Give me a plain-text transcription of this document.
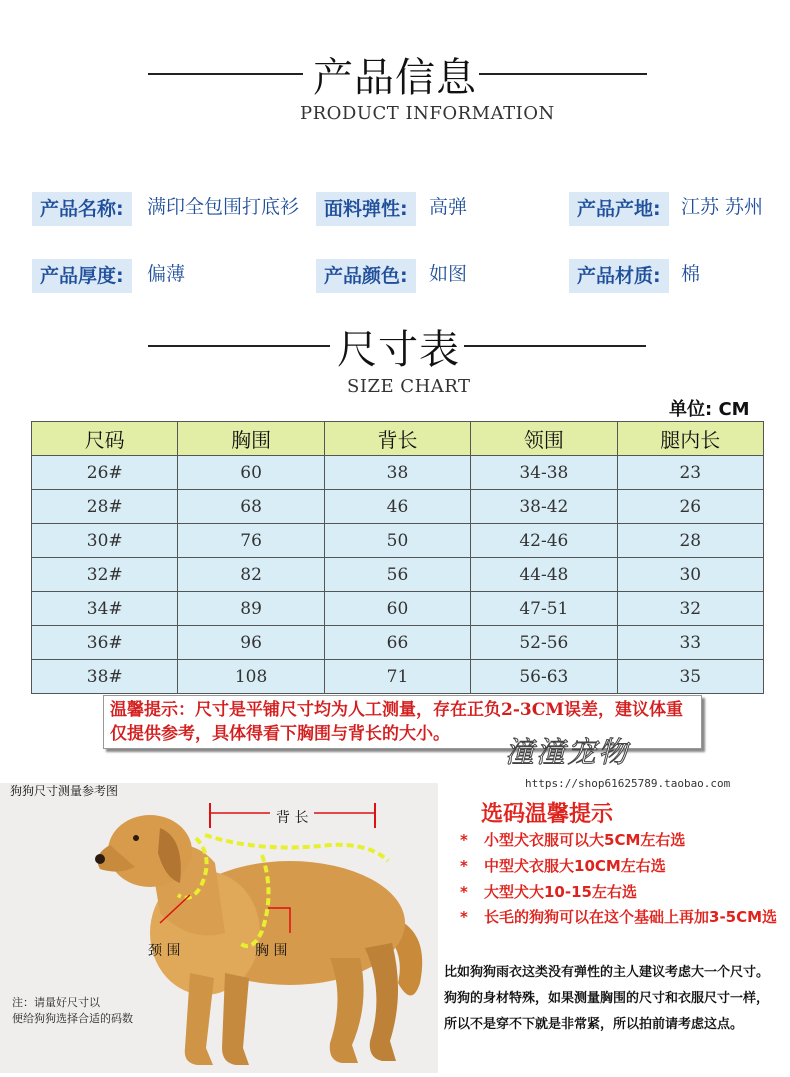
产品信息
PRODUCT INFORMATION
产品名称:	满印全包围打底衫	面料弹性:	高弹	产品产地:	江苏 苏州
产品厚度:	偏薄	产品颜色:	如图	产品材质:	棉
尺寸表
SIZE CHART
单位: CM
尺码	胸围	背长	领围	腿内长
26#	60	38	34-38	23
28#	68	46	38-42	26
30#	76	50	42-46	28
32#	82	56	44-48	30
34#	89	60	47-51	32
36#	96	66	52-56	33
38#	108	71	56-63	35
温馨提示：尺寸是平铺尺寸均为人工测量，存在正负2-3CM误差，建议体重仅提供参考，具体得看下胸围与背长的大小。
潼潼宠物
https://shop61625789.taobao.com
狗狗尺寸测量参考图
背 长
颈 围	胸 围
注：请量好尺寸以
便给狗狗选择合适的码数
选码温馨提示
* 小型犬衣服可以大5CM左右选
* 中型犬衣服大10CM左右选
* 大型犬大10-15左右选
* 长毛的狗狗可以在这个基础上再加3-5CM选
比如狗狗雨衣这类没有弹性的主人建议考虑大一个尺寸。
狗狗的身材特殊，如果测量胸围的尺寸和衣服尺寸一样，
所以不是穿不下就是非常紧，所以拍前请考虑这点。
